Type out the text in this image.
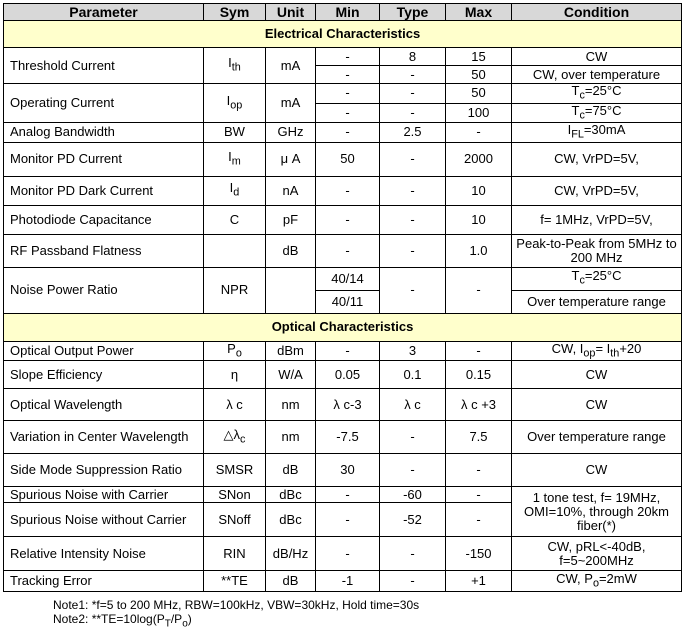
Parameter	Sym	Unit	Min	Type	Max	Condition
Electrical Characteristics						
Threshold Current	$I_{th}$	mA	-	8	15	CW
			-	-	50	CW, over temperature
Operating Current	$I_{op}$	mA	-	-	50	$T_c=25^\circ C$
			-	-	100	$T_c=75^\circ C$
Analog Bandwidth	BW	GHz	-	2.5	-	$I_{FL}=30mA$
Monitor PD Current	$I_m$	μ A	50	-	2000	CW, VrPD=5V,
Monitor PD Dark Current	$I_d$	nA	-	-	10	CW, VrPD=5V,
Photodiode Capacitance	C	pF	-	-	10	f= 1MHz, VrPD=5V,
RF Passband Flatness		dB	-	-	1.0	Peak-to-Peak from 5MHz to 200 MHz
Noise Power Ratio	NPR		40/14	-	-	$T_c=25^\circ C$
			40/11			Over temperature range
Optical Characteristics						
Optical Output Power	$P_o$	dBm	-	3	-	CW, $I_{op}= I_{th}+20$
Slope Efficiency	η	W/A	0.05	0.1	0.15	CW
Optical Wavelength	λ c	nm	λ c-3	λ c	λ c +3	CW
Variation in Center Wavelength	$\triangle\lambda_c$	nm	-7.5	-	7.5	Over temperature range
Side Mode Suppression Ratio	SMSR	dB	30	-	-	CW
Spurious Noise with Carrier	SNon	dBc	-	-60	-	1 tone test, f= 19MHz, OMI=10%, through 20km fiber(*)
Spurious Noise without Carrier	SNoff	dBc	-	-52	-	
Relative Intensity Noise	RIN	dB/Hz	-	-	-150	CW, pRL<-40dB, f=5~200MHz
Tracking Error	**TE	dB	-1	-	+1	CW, $P_o=2mW$
Note1: *f=5 to 200 MHz, RBW=100kHz, VBW=30kHz, Hold time=30s
Note2: $**TE=10\log(P_T/P_o)$
